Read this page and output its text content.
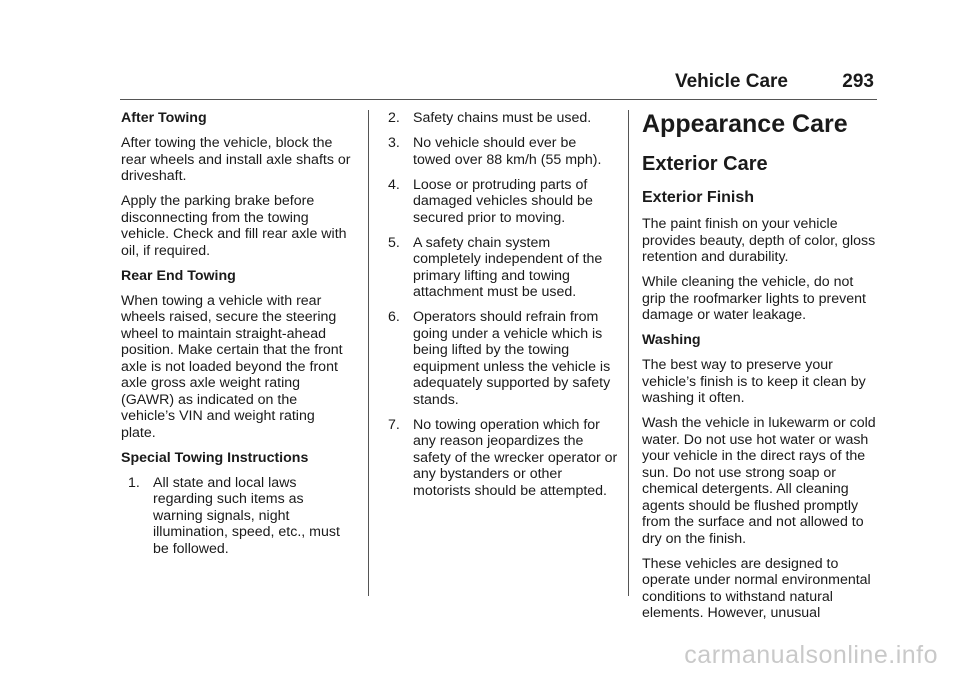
Vehicle Care	293

After Towing

After towing the vehicle, block the rear wheels and install axle shafts or driveshaft.

Apply the parking brake before disconnecting from the towing vehicle. Check and fill rear axle with oil, if required.

Rear End Towing

When towing a vehicle with rear wheels raised, secure the steering wheel to maintain straight-ahead position. Make certain that the front axle is not loaded beyond the front axle gross axle weight rating (GAWR) as indicated on the vehicle’s VIN and weight rating plate.

Special Towing Instructions

1. All state and local laws regarding such items as warning signals, night illumination, speed, etc., must be followed.
2. Safety chains must be used.
3. No vehicle should ever be towed over 88 km/h (55 mph).
4. Loose or protruding parts of damaged vehicles should be secured prior to moving.
5. A safety chain system completely independent of the primary lifting and towing attachment must be used.
6. Operators should refrain from going under a vehicle which is being lifted by the towing equipment unless the vehicle is adequately supported by safety stands.
7. No towing operation which for any reason jeopardizes the safety of the wrecker operator or any bystanders or other motorists should be attempted.
Appearance Care
Exterior Care
Exterior Finish

The paint finish on your vehicle provides beauty, depth of color, gloss retention and durability.

While cleaning the vehicle, do not grip the roofmarker lights to prevent damage or water leakage.

Washing

The best way to preserve your vehicle’s finish is to keep it clean by washing it often.

Wash the vehicle in lukewarm or cold water. Do not use hot water or wash your vehicle in the direct rays of the sun. Do not use strong soap or chemical detergents. All cleaning agents should be flushed promptly from the surface and not allowed to dry on the finish.

These vehicles are designed to operate under normal environmental conditions to withstand natural elements. However, unusual

carmanualsonline.info
